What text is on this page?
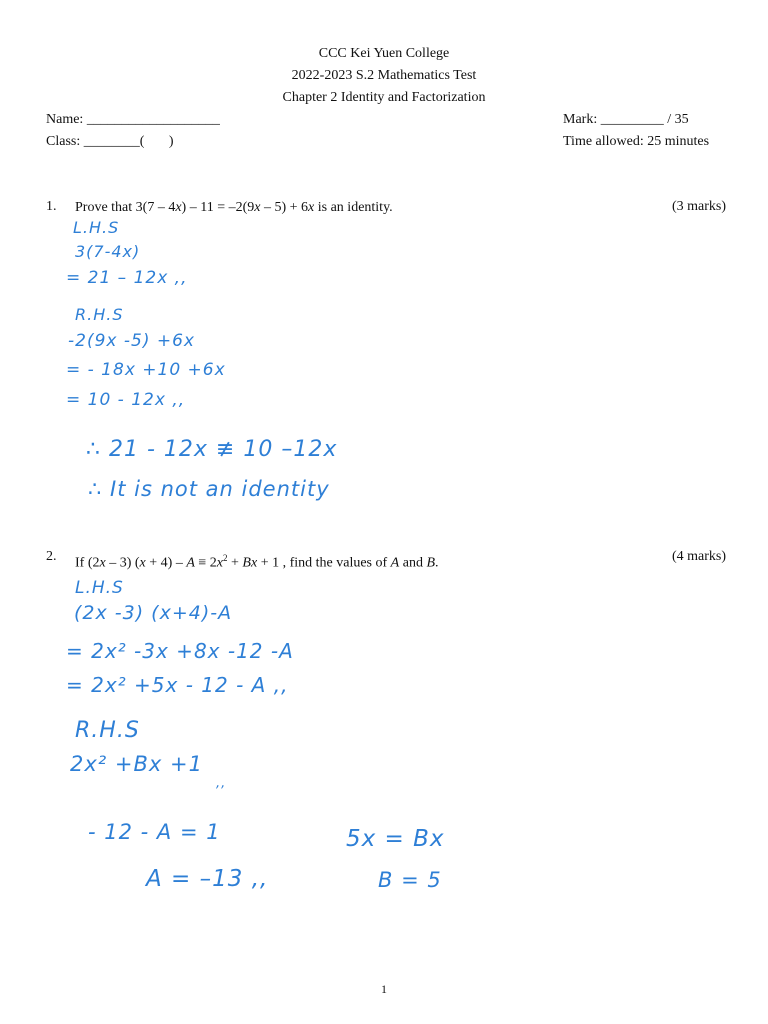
CCC Kei Yuen College
2022-2023 S.2 Mathematics Test
Chapter 2 Identity and Factorization
Name: ___________________	Mark: _________ / 35
Class: ________(       )	Time allowed: 25 minutes
1. Prove that 3(7 – 4x) – 11 = –2(9x – 5) + 6x is an identity.	(3 marks)
L.H.S
3(7-4x)
= 21 – 12x ,,
R.H.S
-2(9x -5) +6x
= - 18x +10 +6x
= 10 - 12x ,,
∴ 21 - 12x ≢ 10 –12x
∴ It is not an identity
2. If (2x – 3) $(x + 4) - A \equiv 2x^2 + Bx + 1$ , find the values of A and B.	(4 marks)
L.H.S
(2x -3) (x+4)-A
= 2x² -3x +8x -12 -A
= 2x² +5x - 12 - A ,,
R.H.S
2x² +Bx +1
,,
- 12 - A = 1	5x = Bx
A = –13 ,,	B = 5
1
